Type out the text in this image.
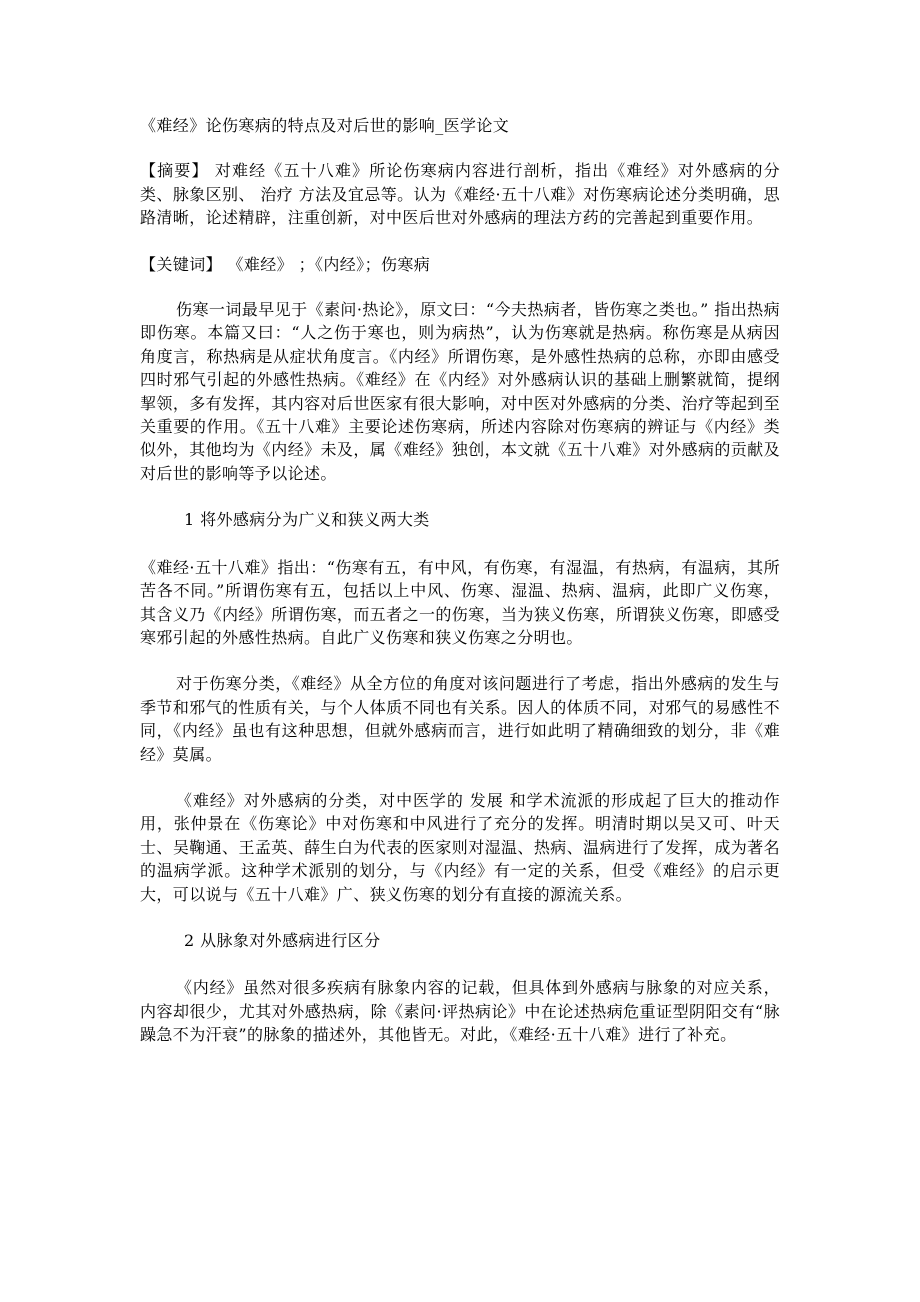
《难经》论伤寒病的特点及对后世的影响_医学论文

【摘要】 对难经《五十八难》所论伤寒病内容进行剖析，指出《难经》对外感病的分类、脉象区别、 治疗 方法及宜忌等。认为《难经·五十八难》对伤寒病论述分类明确，思路清晰，论述精辟，注重创新，对中医后世对外感病的理法方药的完善起到重要作用。

【关键词】 《难经》 ；《内经》；伤寒病

伤寒一词最早见于《素问·热论》，原文曰：“今夫热病者，皆伤寒之类也。” 指出热病即伤寒。本篇又曰：“人之伤于寒也，则为病热”，认为伤寒就是热病。称伤寒是从病因角度言，称热病是从症状角度言。《内经》所谓伤寒，是外感性热病的总称，亦即由感受四时邪气引起的外感性热病。《难经》在《内经》对外感病认识的基础上删繁就简，提纲挈领，多有发挥，其内容对后世医家有很大影响，对中医对外感病的分类、治疗等起到至关重要的作用。《五十八难》主要论述伤寒病，所述内容除对伤寒病的辨证与《内经》类似外，其他均为《内经》未及，属《难经》独创，本文就《五十八难》对外感病的贡献及对后世的影响等予以论述。

1 将外感病分为广义和狭义两大类

《难经·五十八难》指出：“伤寒有五，有中风，有伤寒，有湿温，有热病，有温病，其所苦各不同。”所谓伤寒有五，包括以上中风、伤寒、湿温、热病、温病，此即广义伤寒，其含义乃《内经》所谓伤寒，而五者之一的伤寒，当为狭义伤寒，所谓狭义伤寒，即感受寒邪引起的外感性热病。自此广义伤寒和狭义伤寒之分明也。

对于伤寒分类，《难经》从全方位的角度对该问题进行了考虑，指出外感病的发生与季节和邪气的性质有关，与个人体质不同也有关系。因人的体质不同，对邪气的易感性不同，《内经》虽也有这种思想，但就外感病而言，进行如此明了精确细致的划分，非《难经》莫属。

《难经》对外感病的分类，对中医学的 发展 和学术流派的形成起了巨大的推动作用，张仲景在《伤寒论》中对伤寒和中风进行了充分的发挥。明清时期以吴又可、叶天士、吴鞠通、王孟英、薛生白为代表的医家则对湿温、热病、温病进行了发挥，成为著名的温病学派。这种学术派别的划分，与《内经》有一定的关系，但受《难经》的启示更大，可以说与《五十八难》广、狭义伤寒的划分有直接的源流关系。

2 从脉象对外感病进行区分

《内经》虽然对很多疾病有脉象内容的记载，但具体到外感病与脉象的对应关系，内容却很少，尤其对外感热病，除《素问·评热病论》中在论述热病危重证型阴阳交有“脉躁急不为汗衰”的脉象的描述外，其他皆无。对此，《难经·五十八难》进行了补充。
